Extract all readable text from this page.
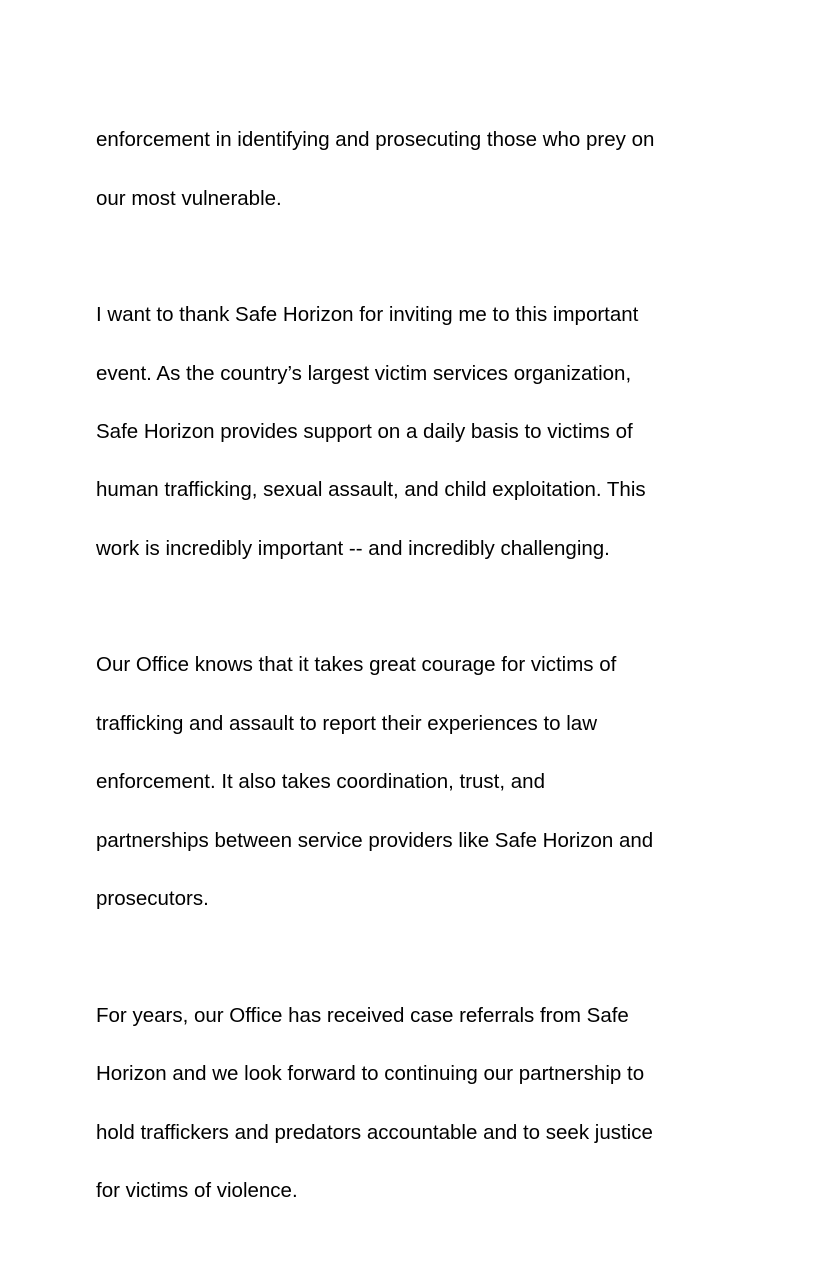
enforcement in identifying and prosecuting those who prey on

our most vulnerable.

I want to thank Safe Horizon for inviting me to this important

event. As the country’s largest victim services organization,

Safe Horizon provides support on a daily basis to victims of

human trafficking, sexual assault, and child exploitation. This

work is incredibly important -- and incredibly challenging.

Our Office knows that it takes great courage for victims of

trafficking and assault to report their experiences to law

enforcement. It also takes coordination, trust, and

partnerships between service providers like Safe Horizon and

prosecutors.

For years, our Office has received case referrals from Safe

Horizon and we look forward to continuing our partnership to

hold traffickers and predators accountable and to seek justice

for victims of violence.
